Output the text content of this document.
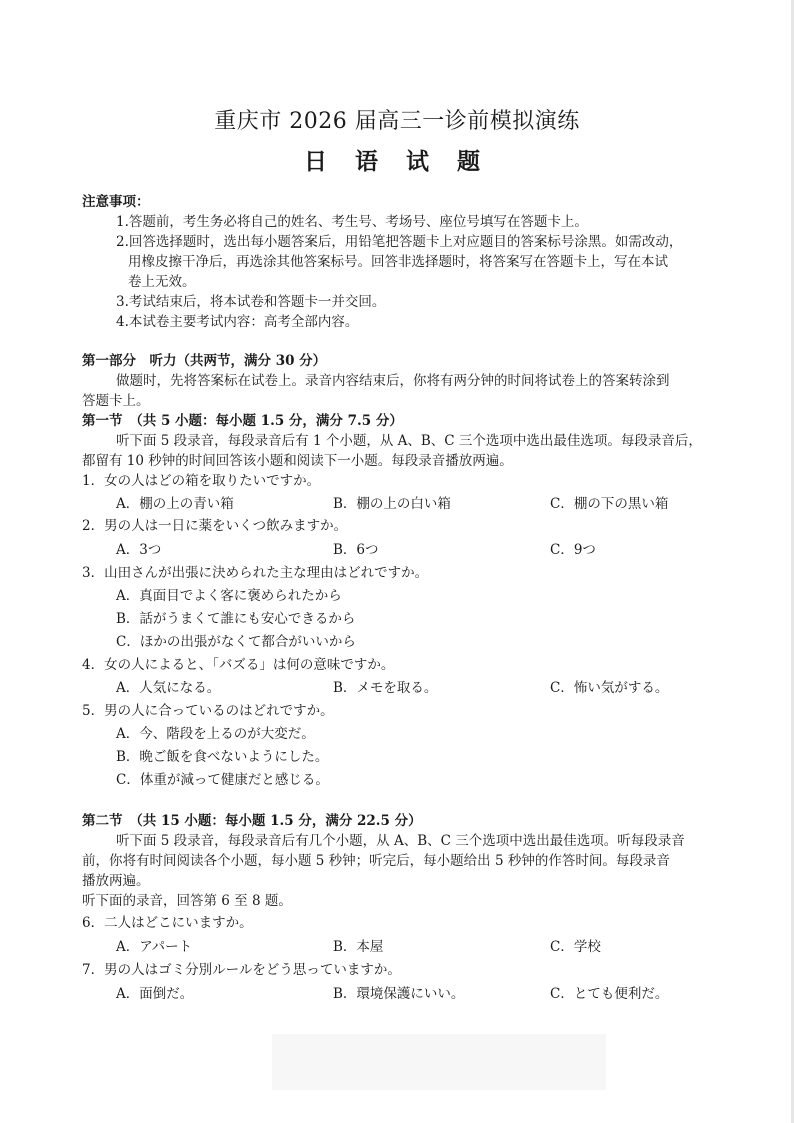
重庆市 2026 届高三一诊前模拟演练
日 语 试 题
注意事项：
1.答题前，考生务必将自己的姓名、考生号、考场号、座位号填写在答题卡上。
2.回答选择题时，选出每小题答案后，用铅笔把答题卡上对应题目的答案标号涂黑。如需改动，
用橡皮擦干净后，再选涂其他答案标号。回答非选择题时，将答案写在答题卡上，写在本试
卷上无效。
3.考试结束后，将本试卷和答题卡一并交回。
4.本试卷主要考试内容：高考全部内容。
第一部分　听力（共两节，满分 30 分）
做题时，先将答案标在试卷上。录音内容结束后，你将有两分钟的时间将试卷上的答案转涂到
答题卡上。
第一节　（共 5 小题：每小题 1.5 分，满分 7.5 分）
听下面 5 段录音，每段录音后有 1 个小题，从 A、B、C 三个选项中选出最佳选项。每段录音后，
都留有 10 秒钟的时间回答该小题和阅读下一小题。每段录音播放两遍。
1．女の人はどの箱を取りたいですか。
A．棚の上の青い箱	B．棚の上の白い箱	C．棚の下の黒い箱
2．男の人は一日に薬をいくつ飲みますか。
A．3つ	B．6つ	C．9つ
3．山田さんが出張に決められた主な理由はどれですか。
A．真面目でよく客に褒められたから
B．話がうまくて誰にも安心できるから
C．ほかの出張がなくて都合がいいから
4．女の人によると、「バズる」は何の意味ですか。
A．人気になる。	B．メモを取る。	C．怖い気がする。
5．男の人に合っているのはどれですか。
A．今、階段を上るのが大変だ。
B．晩ご飯を食べないようにした。
C．体重が減って健康だと感じる。
第二节　（共 15 小题：每小题 1.5 分，满分 22.5 分）
听下面 5 段录音，每段录音后有几个小题，从 A、B、C 三个选项中选出最佳选项。听每段录音
前，你将有时间阅读各个小题，每小题 5 秒钟；听完后，每小题给出 5 秒钟的作答时间。每段录音
播放两遍。
听下面的录音，回答第 6 至 8 题。
6．二人はどこにいますか。
A．アパート	B．本屋	C．学校
7．男の人はゴミ分別ルールをどう思っていますか。
A．面倒だ。	B．環境保護にいい。	C．とても便利だ。
